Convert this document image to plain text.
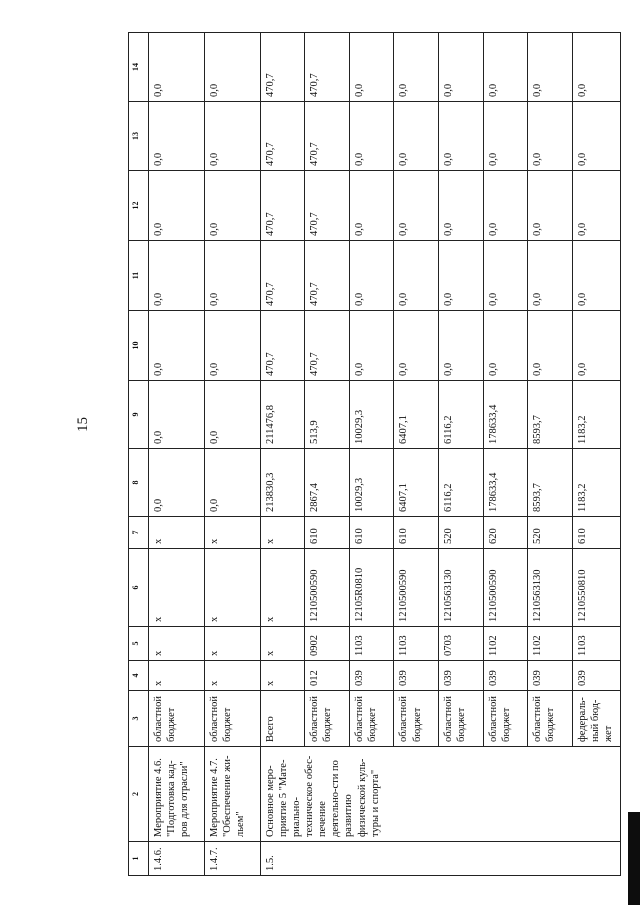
15
1	2	3	4	5	6	7	8	9	10	11	12	13	14
1.4.6.	Мероприятие 4.6. "Подготовка кад-ров для отрасли"	областной бюджет	x	x	x	x	0,0	0,0	0,0	0,0	0,0	0,0	0,0
1.4.7.	Мероприятие 4.7. "Обеспечение жи-льем"	областной бюджет	x	x	x	x	0,0	0,0	0,0	0,0	0,0	0,0	0,0
1.5.	Основное меро-приятие 5 "Мате-риально-техническое обес-печение деятельно-сти по развитию физической куль-туры и спорта"	Всего	x	x	x	x	213830,3	211476,8	470,7	470,7	470,7	470,7	470,7
		областной бюджет	012	0902	1210500590	610	2867,4	513,9	470,7	470,7	470,7	470,7	470,7
		областной бюджет	039	1103	12105R0810	610	10029,3	10029,3	0,0	0,0	0,0	0,0	0,0
		областной бюджет	039	1103	1210500590	610	6407,1	6407,1	0,0	0,0	0,0	0,0	0,0
		областной бюджет	039	0703	1210563130	520	6116,2	6116,2	0,0	0,0	0,0	0,0	0,0
		областной бюджет	039	1102	1210500590	620	178633,4	178633,4	0,0	0,0	0,0	0,0	0,0
		областной бюджет	039	1102	1210563130	520	8593,7	8593,7	0,0	0,0	0,0	0,0	0,0
		федераль-ный бюд-жет	039	1103	1210550810	610	1183,2	1183,2	0,0	0,0	0,0	0,0	0,0
